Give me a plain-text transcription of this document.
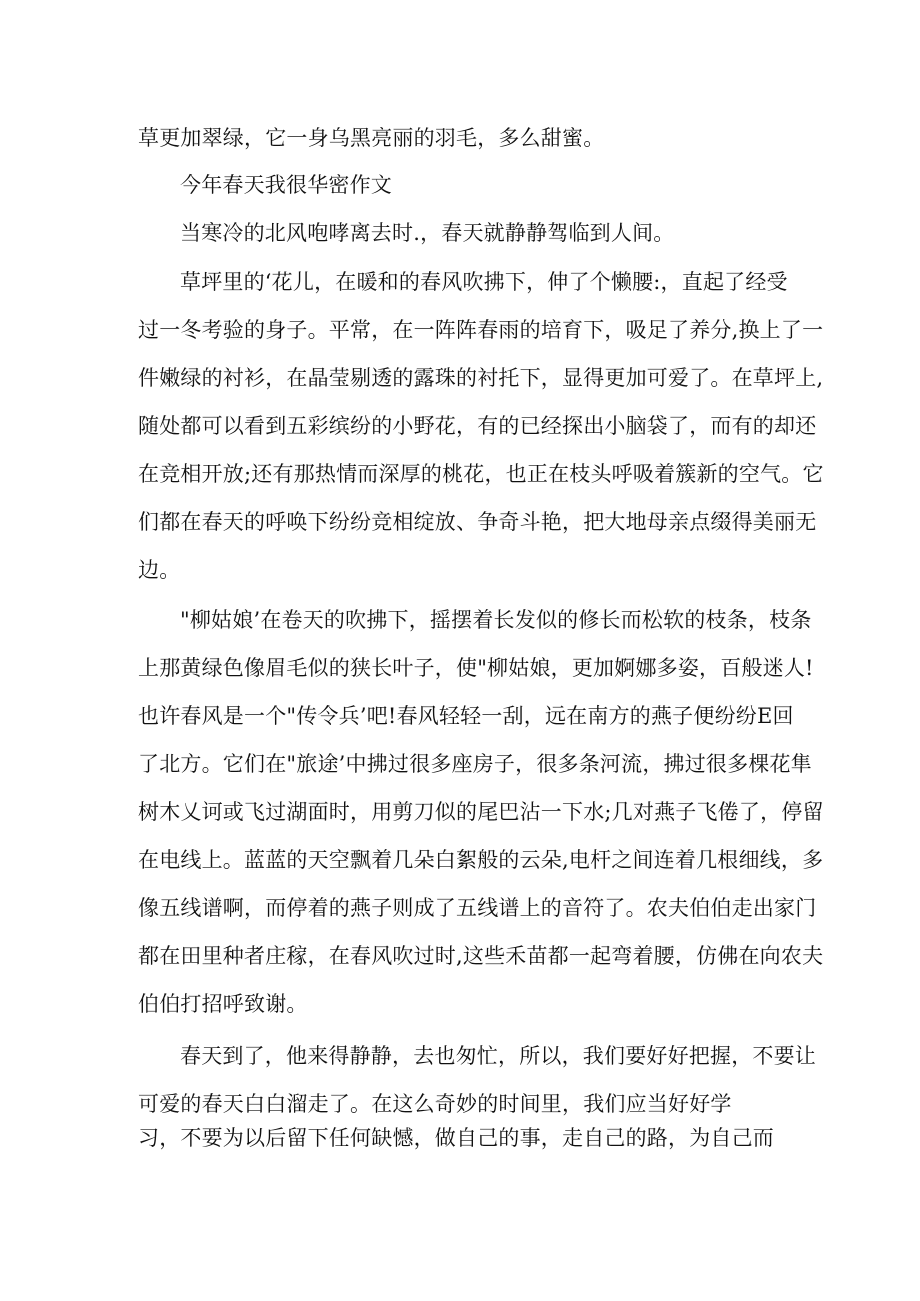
草更加翠绿，它一身乌黑亮丽的羽毛，多么甜蜜。
今年春天我很华密作文
当寒冷的北风咆哮离去时.，春天就静静驾临到人间。
草坪里的‘花儿，在暖和的春风吹拂下，伸了个懒腰:，直起了经受
过一冬考验的身子。平常，在一阵阵春雨的培育下，吸足了养分,换上了一
件嫩绿的衬衫，在晶莹剔透的露珠的衬托下，显得更加可爱了。在草坪上,
随处都可以看到五彩缤纷的小野花，有的已经探出小脑袋了，而有的却还
在竞相开放;还有那热情而深厚的桃花，也正在枝头呼吸着簇新的空气。它
们都在春天的呼唤下纷纷竞相绽放、争奇斗艳，把大地母亲点缀得美丽无
边。
"柳姑娘’在卷天的吹拂下，摇摆着长发似的修长而松软的枝条，枝条
上那黄绿色像眉毛似的狭长叶子，使"柳姑娘，更加婀娜多姿，百般迷人!
也许春风是一个"传令兵’吧!春风轻轻一刮，远在南方的燕子便纷纷E回
了北方。它们在"旅途’中拂过很多座房子，很多条河流，拂过很多棵花隼
树木乂诃或飞过湖面时，用剪刀似的尾巴沾一下水;几对燕子飞倦了，停留
在电线上。蓝蓝的天空飘着几朵白絮般的云朵,电杆之间连着几根细线，多
像五线谱啊，而停着的燕子则成了五线谱上的音符了。农夫伯伯走出家门
都在田里种者庄稼，在春风吹过时,这些禾苗都一起弯着腰，仿佛在向农夫
伯伯打招呼致谢。
春天到了，他来得静静，去也匆忙，所以，我们要好好把握，不要让
可爱的春天白白溜走了。在这么奇妙的时间里，我们应当好好学
习，不要为以后留下任何缺憾，做自己的事，走自己的路，为自己而
